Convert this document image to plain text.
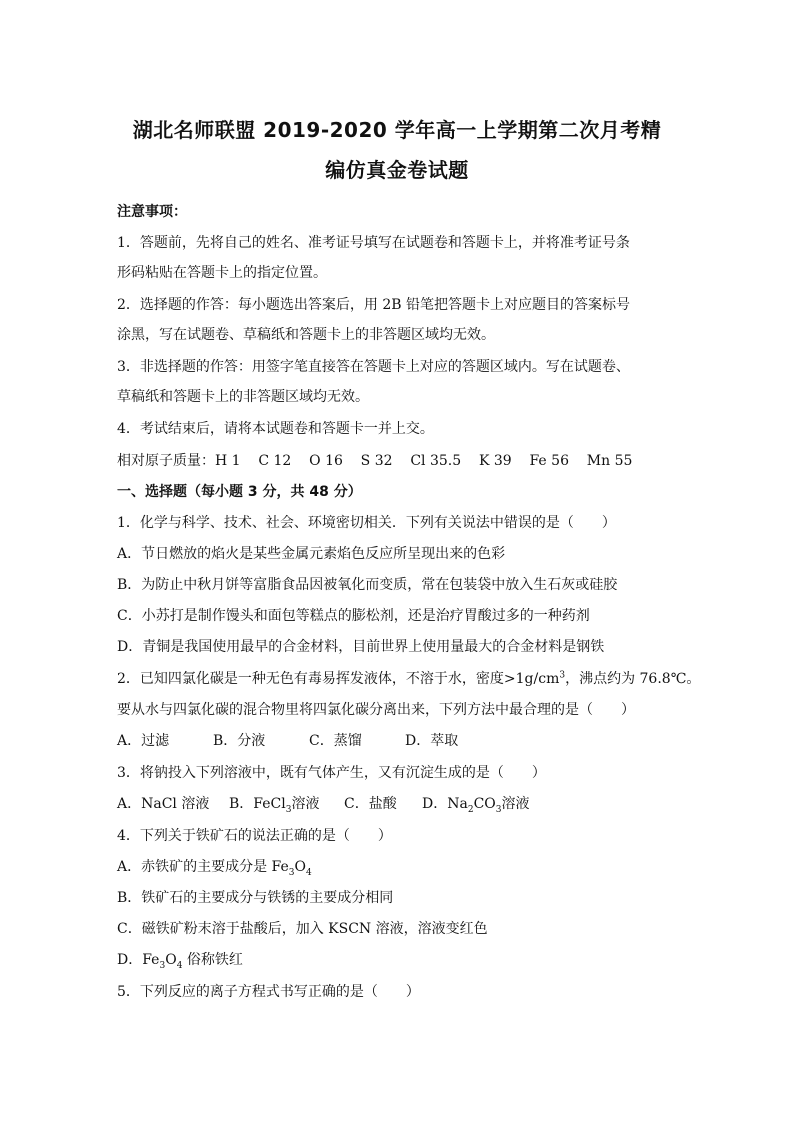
湖北名师联盟 2019-2020 学年高一上学期第二次月考精
编仿真金卷试题
注意事项：
1．答题前，先将自己的姓名、准考证号填写在试题卷和答题卡上，并将准考证号条
形码粘贴在答题卡上的指定位置。
2．选择题的作答：每小题选出答案后，用 2B 铅笔把答题卡上对应题目的答案标号
涂黑，写在试题卷、草稿纸和答题卡上的非答题区域均无效。
3．非选择题的作答：用签字笔直接答在答题卡上对应的答题区域内。写在试题卷、
草稿纸和答题卡上的非答题区域均无效。
4．考试结束后，请将本试题卷和答题卡一并上交。
相对原子质量：H 1    C 12    O 16    S 32    Cl 35.5    K 39    Fe 56    Mn 55
一、选择题（每小题 3 分，共 48 分）
1．化学与科学、技术、社会、环境密切相关．下列有关说法中错误的是（　　）
A．节日燃放的焰火是某些金属元素焰色反应所呈现出来的色彩
B．为防止中秋月饼等富脂食品因被氧化而变质，常在包装袋中放入生石灰或硅胶
C．小苏打是制作馒头和面包等糕点的膨松剂，还是治疗胃酸过多的一种药剂
D．青铜是我国使用最早的合金材料，目前世界上使用量最大的合金材料是钢铁
2．已知四氯化碳是一种无色有毒易挥发液体，不溶于水，密度$>1g/cm^3$，沸点约为 76.8℃。
要从水与四氯化碳的混合物里将四氯化碳分离出来，下列方法中最合理的是（　　）
A．过滤	B．分液	C．蒸馏	D．萃取
3．将钠投入下列溶液中，既有气体产生，又有沉淀生成的是（　　）
A．NaCl 溶液 B．FeCl$_3$溶液 C．盐酸 D．$Na_2CO_3$溶液
4．下列关于铁矿石的说法正确的是（　　）
A．赤铁矿的主要成分是 $Fe_3O_4$
B．铁矿石的主要成分与铁锈的主要成分相同
C．磁铁矿粉末溶于盐酸后，加入 KSCN 溶液，溶液变红色
D．$Fe_3O_4$ 俗称铁红
5．下列反应的离子方程式书写正确的是（　　）
